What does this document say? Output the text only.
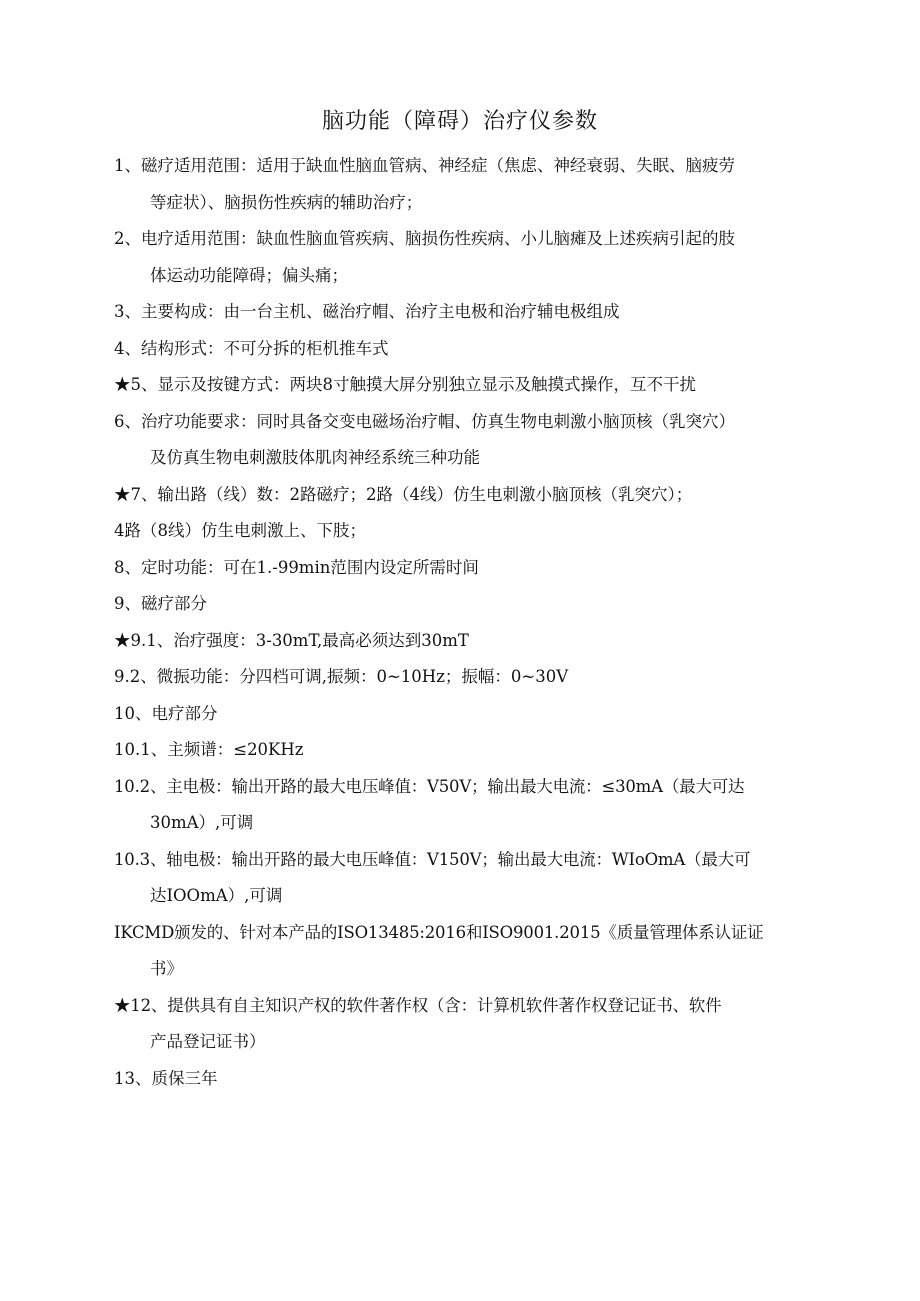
脑功能（障碍）治疗仪参数
1、磁疗适用范围：适用于缺血性脑血管病、神经症（焦虑、神经衰弱、失眠、脑疲劳
等症状）、脑损伤性疾病的辅助治疗；
2、电疗适用范围：缺血性脑血管疾病、脑损伤性疾病、小儿脑瘫及上述疾病引起的肢
体运动功能障碍；偏头痛；
3、主要构成：由一台主机、磁治疗帽、治疗主电极和治疗辅电极组成
4、结构形式：不可分拆的柜机推车式
★5、显示及按键方式：两块8寸触摸大屏分别独立显示及触摸式操作，互不干扰
6、治疗功能要求：同时具备交变电磁场治疗帽、仿真生物电刺激小脑顶核（乳突穴）
及仿真生物电刺激肢体肌肉神经系统三种功能
★7、输出路（线）数：2路磁疗；2路（4线）仿生电刺激小脑顶核（乳突穴）；
4路（8线）仿生电刺激上、下肢；
8、定时功能：可在1.-99min范围内设定所需时间
9、磁疗部分
★9.1、治疗强度：3-30mT,最高必须达到30mT
9.2、微振功能：分四档可调,振频：0~10Hz；振幅：0~30V
10、电疗部分
10.1、主频谱：≤20KHz
10.2、主电极：输出开路的最大电压峰值：V50V；输出最大电流：≤30mA（最大可达
30mA）,可调
10.3、轴电极：输出开路的最大电压峰值：V150V；输出最大电流：WIoOmA（最大可
达IOOmA）,可调
IKCMD颁发的、针对本产品的ISO13485:2016和ISO9001.2015《质量管理体系认证证
书》
★12、提供具有自主知识产权的软件著作权（含：计算机软件著作权登记证书、软件
产品登记证书）
13、质保三年
